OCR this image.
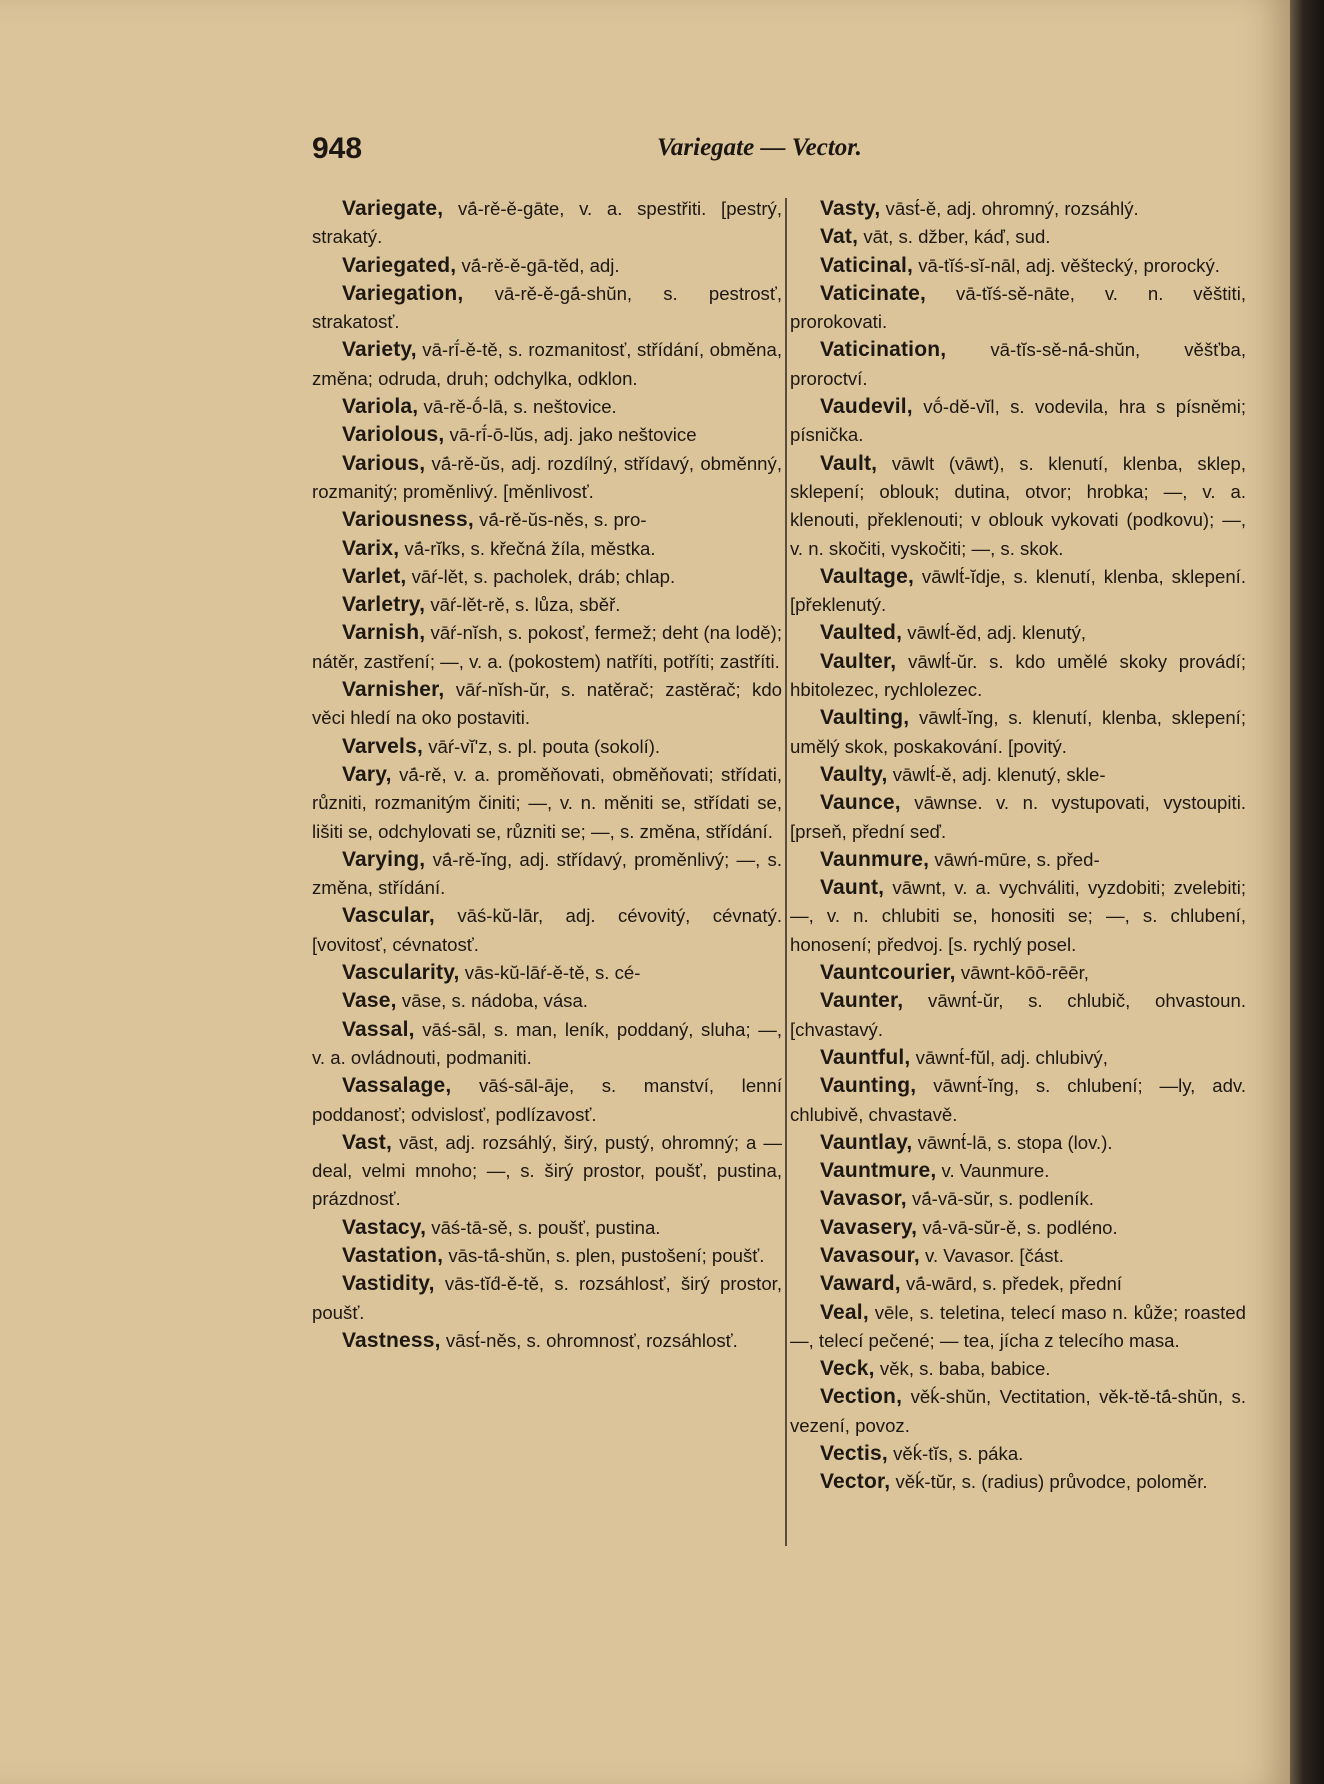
948	Variegate — Vector.

Variegate, vā́-rě-ě-gāte, v. a. spestřiti. [pestrý, strakatý.

Variegated, vā́-rě-ě-gā-těd, adj.

Variegation, vā-rě-ě-gā́-shŭn, s. pestrosť, strakatosť.

Variety, vā-rī́-ě-tě, s. rozmanitosť, střídání, obměna, změna; odruda, druh; odchylka, odklon.

Variola, vā-rě-ṓ-lā, s. neštovice.

Variolous, vā-rī́-ō-lŭs, adj. jako neštovice

Various, vā́-rě-ŭs, adj. rozdílný, střídavý, obměnný, rozmanitý; proměnlivý. [měnlivosť.

Variousness, vā́-rě-ŭs-něs, s. pro-

Varix, vā́-rĭks, s. křečná žíla, městka.

Varlet, vāŕ-lět, s. pacholek, dráb; chlap.

Varletry, vāŕ-lět-rě, s. lůza, sběř.

Varnish, vāŕ-nĭsh, s. pokosť, fermež; deht (na lodě); nátěr, zastření; —, v. a. (pokostem) natříti, potříti; zastříti.

Varnisher, vāŕ-nĭsh-ŭr, s. natěrač; zastěrač; kdo věci hledí na oko postaviti.

Varvels, vāŕ-vĭ'z, s. pl. pouta (sokolí).

Vary, vā́-rě, v. a. proměňovati, obměňovati; střídati, různiti, rozmanitým činiti; —, v. n. měniti se, střídati se, lišiti se, odchylovati se, různiti se; —, s. změna, střídání.

Varying, vā́-rě-ĭng, adj. střídavý, proměnlivý; —, s. změna, střídání.

Vascular, vāś-kŭ-lār, adj. cévovitý, cévnatý. [vovitosť, cévnatosť.

Vascularity, vās-kŭ-lāŕ-ě-tě, s. cé-

Vase, vāse, s. nádoba, vása.

Vassal, vāś-sāl, s. man, leník, poddaný, sluha; —, v. a. ovládnouti, podmaniti.

Vassalage, vāś-sāl-āje, s. manství, lenní poddanosť; odvislosť, podlízavosť.

Vast, vāst, adj. rozsáhlý, širý, pustý, ohromný; a — deal, velmi mnoho; —, s. širý prostor, poušť, pustina, prázdnosť.

Vastacy, vāś-tā-sě, s. poušť, pustina.

Vastation, vās-tā́-shŭn, s. plen, pustošení; poušť.

Vastidity, vās-tĭd́-ě-tě, s. rozsáhlosť, širý prostor, poušť.

Vastness, vāst́-něs, s. ohromnosť, rozsáhlosť.

Vasty, vāst́-ě, adj. ohromný, rozsáhlý.

Vat, vāt, s. džber, káď, sud.

Vaticinal, vā-tĭś-sĭ-nāl, adj. věštecký, prorocký.

Vaticinate, vā-tĭś-sě-nāte, v. n. věštiti, prorokovati.

Vaticination, vā-tĭs-sě-nā́-shŭn, věšťba, proroctví.

Vaudevil, vṓ-dě-vĭl, s. vodevila, hra s písněmi; písnička.

Vault, vāwlt (vāwt), s. klenutí, klenba, sklep, sklepení; oblouk; dutina, otvor; hrobka; —, v. a. klenouti, překlenouti; v oblouk vykovati (podkovu); —, v. n. skočiti, vyskočiti; —, s. skok.

Vaultage, vāwlt́-ĭdje, s. klenutí, klenba, sklepení. [překlenutý.

Vaulted, vāwlt́-ěd, adj. klenutý,

Vaulter, vāwlt́-ŭr. s. kdo umělé skoky provádí; hbitolezec, rychlolezec.

Vaulting, vāwlt́-ĭng, s. klenutí, klenba, sklepení; umělý skok, poskakování. [povitý.

Vaulty, vāwlt́-ě, adj. klenutý, skle-

Vaunce, vāwnse. v. n. vystupovati, vystoupiti. [prseň, přední seď.

Vaunmure, vāwń-mūre, s. před-

Vaunt, vāwnt, v. a. vychváliti, vyzdobiti; zvelebiti; —, v. n. chlubiti se, honositi se; —, s. chlubení, honosení; předvoj. [s. rychlý posel.

Vauntcourier, vāwnt-kōō-rēēr,

Vaunter, vāwnt́-ŭr, s. chlubič, ohvastoun. [chvastavý.

Vauntful, vāwnt́-fŭl, adj. chlubivý,

Vaunting, vāwnt́-ĭng, s. chlubení; —ly, adv. chlubivě, chvastavě.

Vauntlay, vāwnt́-lā, s. stopa (lov.).

Vauntmure, v. Vaunmure.

Vavasor, vā́-vā-sŭr, s. podleník.

Vavasery, vā́-vā-sŭr-ě, s. podléno.

Vavasour, v. Vavasor. [část.

Vaward, vā́-wārd, s. předek, přední

Veal, vēle, s. teletina, telecí maso n. kůže; roasted —, telecí pečené; — tea, jícha z telecího masa.

Veck, věk, s. baba, babice.

Vection, věḱ-shŭn, Vectitation, věk-tě-tā́-shŭn, s. vezení, povoz.

Vectis, věḱ-tĭs, s. páka.

Vector, věḱ-tŭr, s. (radius) průvodce, poloměr.
